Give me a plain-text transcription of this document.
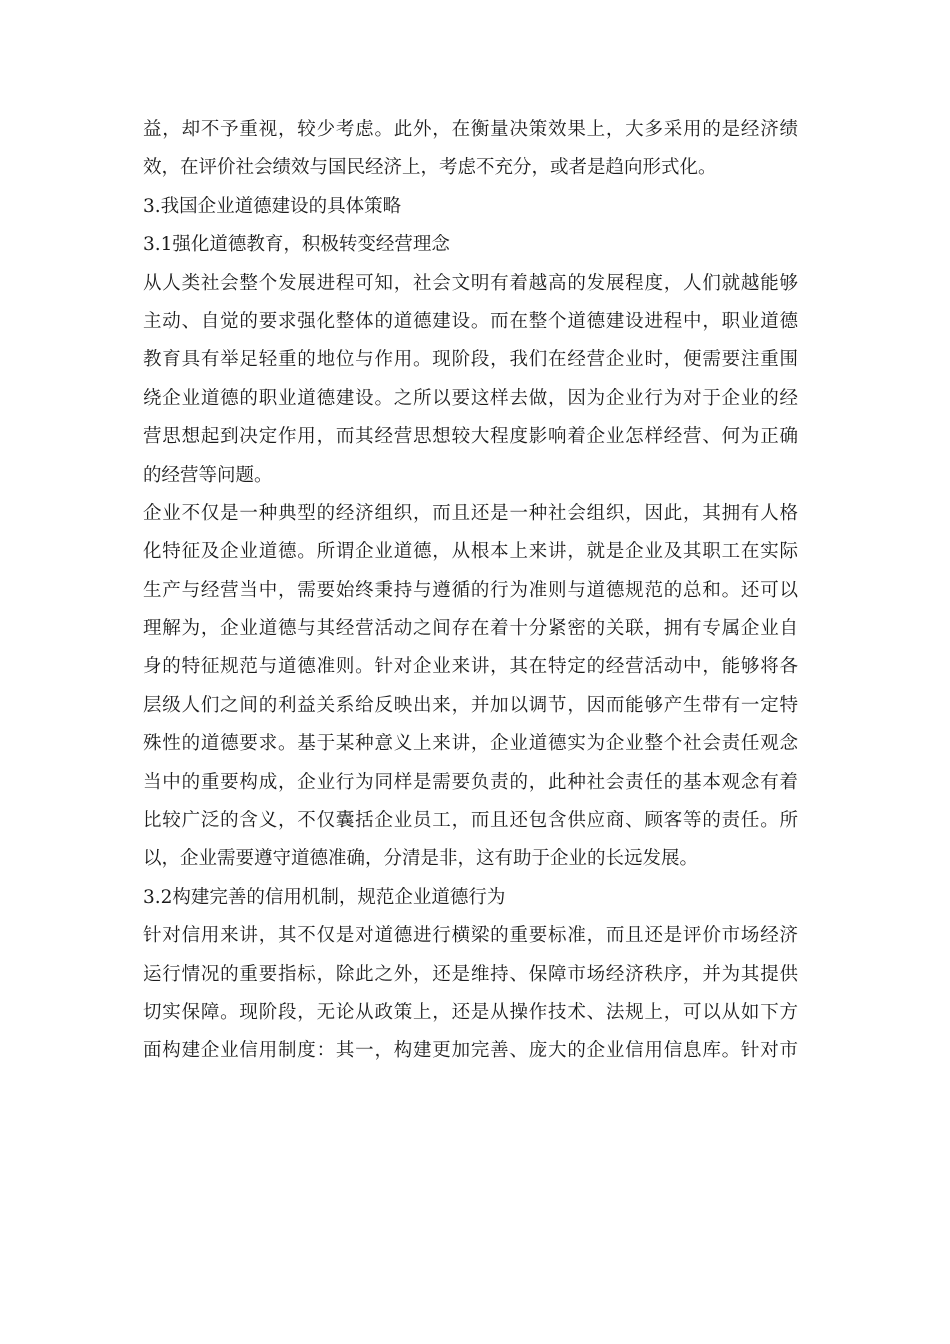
益，却不予重视，较少考虑。此外，在衡量决策效果上，大多采用的是经济绩
效，在评价社会绩效与国民经济上，考虑不充分，或者是趋向形式化。
3.我国企业道德建设的具体策略
3.1强化道德教育，积极转变经营理念
从人类社会整个发展进程可知，社会文明有着越高的发展程度，人们就越能够
主动、自觉的要求强化整体的道德建设。而在整个道德建设进程中，职业道德
教育具有举足轻重的地位与作用。现阶段，我们在经营企业时，便需要注重围
绕企业道德的职业道德建设。之所以要这样去做，因为企业行为对于企业的经
营思想起到决定作用，而其经营思想较大程度影响着企业怎样经营、何为正确
的经营等问题。
企业不仅是一种典型的经济组织，而且还是一种社会组织，因此，其拥有人格
化特征及企业道德。所谓企业道德，从根本上来讲，就是企业及其职工在实际
生产与经营当中，需要始终秉持与遵循的行为准则与道德规范的总和。还可以
理解为，企业道德与其经营活动之间存在着十分紧密的关联，拥有专属企业自
身的特征规范与道德准则。针对企业来讲，其在特定的经营活动中，能够将各
层级人们之间的利益关系给反映出来，并加以调节，因而能够产生带有一定特
殊性的道德要求。基于某种意义上来讲，企业道德实为企业整个社会责任观念
当中的重要构成，企业行为同样是需要负责的，此种社会责任的基本观念有着
比较广泛的含义，不仅囊括企业员工，而且还包含供应商、顾客等的责任。所
以，企业需要遵守道德准确，分清是非，这有助于企业的长远发展。
3.2构建完善的信用机制，规范企业道德行为
针对信用来讲，其不仅是对道德进行横梁的重要标准，而且还是评价市场经济
运行情况的重要指标，除此之外，还是维持、保障市场经济秩序，并为其提供
切实保障。现阶段，无论从政策上，还是从操作技术、法规上，可以从如下方
面构建企业信用制度：其一，构建更加完善、庞大的企业信用信息库。针对市
